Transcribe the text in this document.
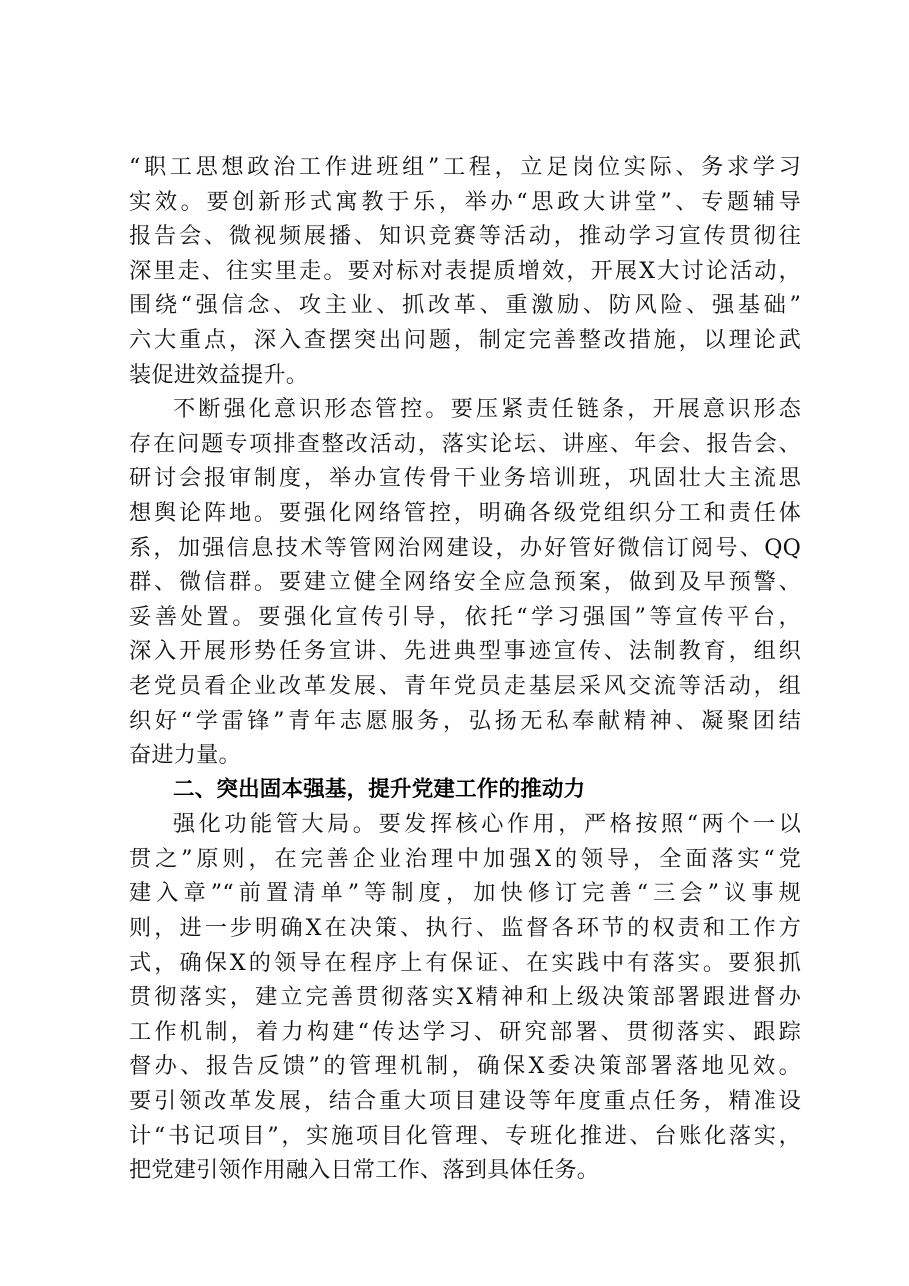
“职工思想政治工作进班组”工程，立足岗位实际、务求学习
实效。要创新形式寓教于乐，举办“思政大讲堂”、专题辅导
报告会、微视频展播、知识竞赛等活动，推动学习宣传贯彻往
深里走、往实里走。要对标对表提质增效，开展X大讨论活动，
围绕“强信念、攻主业、抓改革、重激励、防风险、强基础”
六大重点，深入查摆突出问题，制定完善整改措施，以理论武
装促进效益提升。
不断强化意识形态管控。要压紧责任链条，开展意识形态
存在问题专项排查整改活动，落实论坛、讲座、年会、报告会、
研讨会报审制度，举办宣传骨干业务培训班，巩固壮大主流思
想舆论阵地。要强化网络管控，明确各级党组织分工和责任体
系，加强信息技术等管网治网建设，办好管好微信订阅号、QQ
群、微信群。要建立健全网络安全应急预案，做到及早预警、
妥善处置。要强化宣传引导，依托“学习强国”等宣传平台，
深入开展形势任务宣讲、先进典型事迹宣传、法制教育，组织
老党员看企业改革发展、青年党员走基层采风交流等活动，组
织好“学雷锋”青年志愿服务，弘扬无私奉献精神、凝聚团结
奋进力量。
二、突出固本强基，提升党建工作的推动力
强化功能管大局。要发挥核心作用，严格按照“两个一以
贯之”原则，在完善企业治理中加强X的领导，全面落实“党
建入章”“前置清单”等制度，加快修订完善“三会”议事规
则，进一步明确X在决策、执行、监督各环节的权责和工作方
式，确保X的领导在程序上有保证、在实践中有落实。要狠抓
贯彻落实，建立完善贯彻落实X精神和上级决策部署跟进督办
工作机制，着力构建“传达学习、研究部署、贯彻落实、跟踪
督办、报告反馈”的管理机制，确保X委决策部署落地见效。
要引领改革发展，结合重大项目建设等年度重点任务，精准设
计“书记项目”，实施项目化管理、专班化推进、台账化落实，
把党建引领作用融入日常工作、落到具体任务。
